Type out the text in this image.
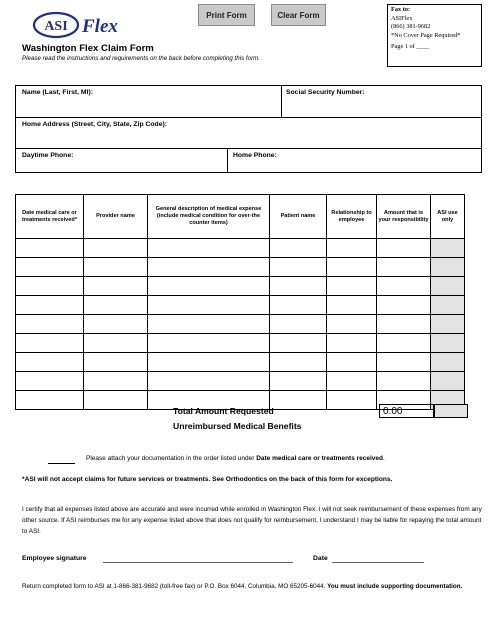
ASI Flex
Print Form	Clear Form
Fax to:
ASIFlex
(866) 381-9682
*No Cover Page Required*
Page 1 of ____
Washington Flex Claim Form
Please read the instructions and requirements on the back before completing this form.
Name (Last, First, MI):	Social Security Number:
Home Address (Street, City, State, Zip Code):
Daytime Phone:	Home Phone:
Date medical care or treatments received*	Provider name	General description of medical expense (include medical condition for over-the counter items)	Patient name	Relationship to employee	Amount that is your responsibility	ASI use only

Total Amount Requested	0.00
Unreimbursed Medical Benefits
Please attach your documentation in the order listed under Date medical care or treatments received.
*ASI will not accept claims for future services or treatments. See Orthodontics on the back of this form for exceptions.
I certify that all expenses listed above are accurate and were incurred while enrolled in Washington Flex. I will not seek reimbursement of these expenses from any other source. If ASI reimburses me for any expense listed above that does not qualify for reimbursement, I understand I may be liable for repaying the total amount to ASI.
Employee signature	Date
Return completed form to ASI at 1-866-381-9682 (toll-free fax) or P.O. Box 6044, Columbia, MO 65205-6044. You must include supporting documentation.
